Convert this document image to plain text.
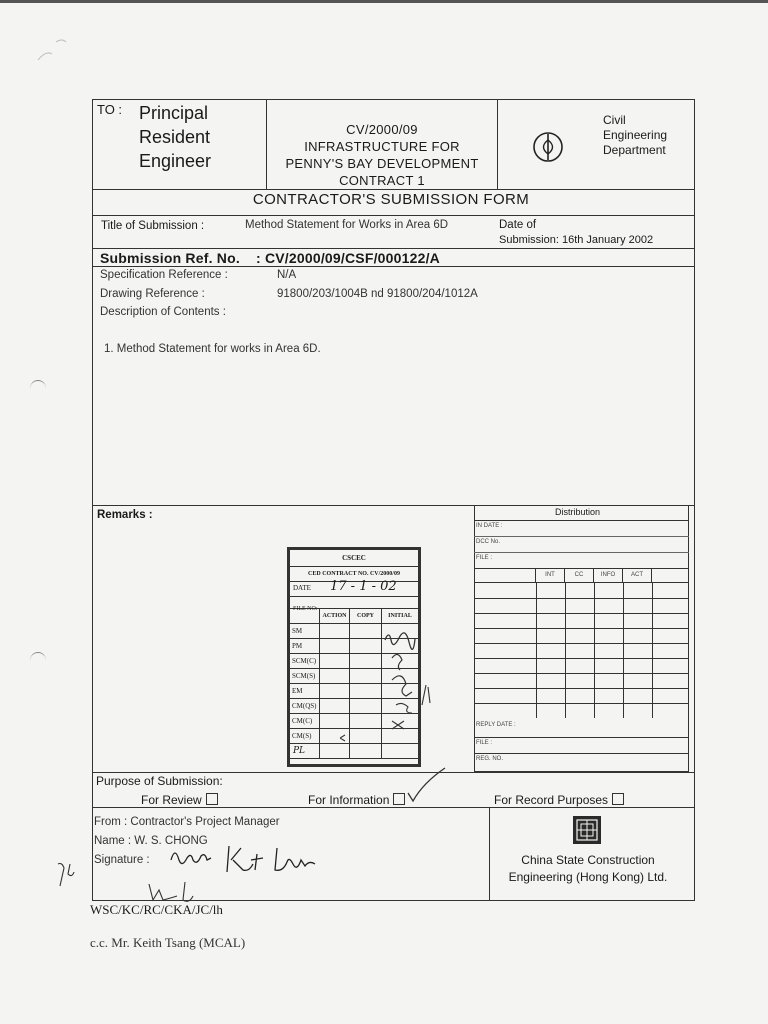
TO : Principal
Resident
Engineer
CV/2000/09
INFRASTRUCTURE FOR
PENNY'S BAY DEVELOPMENT
CONTRACT 1
Civil
Engineering
Department
CONTRACTOR'S SUBMISSION FORM
Title of Submission :	Method Statement for Works in Area 6D	Date of
Submission: 16th January 2002
Submission Ref. No. : CV/2000/09/CSF/000122/A
Specification Reference :	N/A
Drawing Reference :	91800/203/1004B nd 91800/204/1012A
Description of Contents :
1. Method Statement for works in Area 6D.
Remarks :
CSCEC
CED CONTRACT NO. CV/2000/09
DATE 17 - 1 - 02
FILE NO:
ACTION	COPY	INITIAL
SM
PM
SCM(C)
SCM(S)
EM
CM(QS)
CM(C)
CM(S)
PL
Distribution
IN DATE :
DCC No.
FILE :
INT	CC	INFO	ACT
REPLY DATE :
FILE :
REG. NO.
Purpose of Submission:
For Review	For Information	For Record Purposes
From : Contractor's Project Manager
Name : W. S. CHONG
Signature :	China State Construction
Engineering (Hong Kong) Ltd.
WSC/KC/RC/CKA/JC/lh
c.c. Mr. Keith Tsang (MCAL)
